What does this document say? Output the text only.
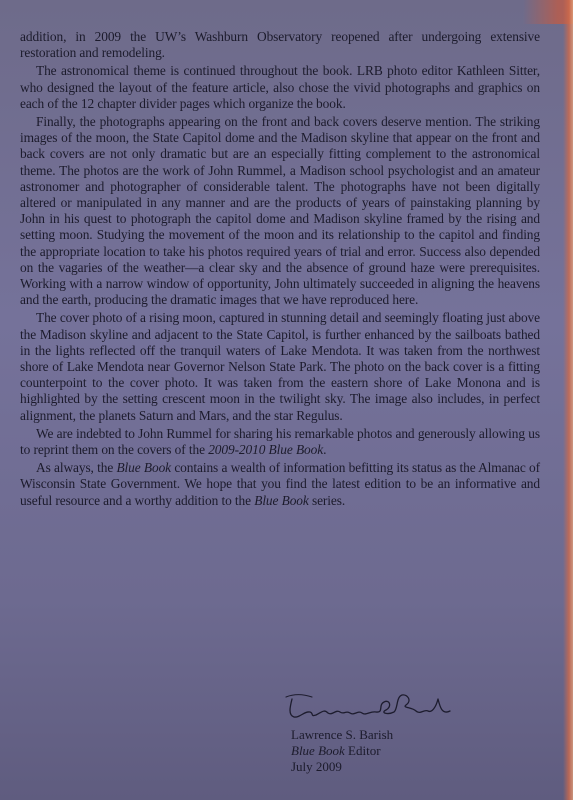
addition, in 2009 the UW’s Washburn Observatory reopened after undergoing extensive restoration and remodeling.

The astronomical theme is continued throughout the book. LRB photo editor Kathleen Sitter, who designed the layout of the feature article, also chose the vivid photographs and graphics on each of the 12 chapter divider pages which organize the book.

Finally, the photographs appearing on the front and back covers deserve mention. The striking images of the moon, the State Capitol dome and the Madison skyline that appear on the front and back covers are not only dramatic but are an especially fitting complement to the astronomical theme. The photos are the work of John Rummel, a Madison school psychologist and an amateur astronomer and photographer of considerable talent. The photographs have not been digitally altered or manipulated in any manner and are the products of years of painstaking planning by John in his quest to photograph the capitol dome and Madison skyline framed by the rising and setting moon. Studying the movement of the moon and its relationship to the capitol and finding the appropriate location to take his photos required years of trial and error. Success also depended on the vagaries of the weather—a clear sky and the absence of ground haze were prerequisites. Working with a narrow window of opportunity, John ultimately succeeded in aligning the heavens and the earth, producing the dramatic images that we have reproduced here.

The cover photo of a rising moon, captured in stunning detail and seemingly floating just above the Madison skyline and adjacent to the State Capitol, is further enhanced by the sailboats bathed in the lights reflected off the tranquil waters of Lake Mendota. It was taken from the northwest shore of Lake Mendota near Governor Nelson State Park. The photo on the back cover is a fitting counterpoint to the cover photo. It was taken from the eastern shore of Lake Monona and is highlighted by the setting crescent moon in the twilight sky. The image also includes, in perfect alignment, the planets Saturn and Mars, and the star Regulus.

We are indebted to John Rummel for sharing his remarkable photos and generously allowing us to reprint them on the covers of the 2009-2010 Blue Book.

As always, the Blue Book contains a wealth of information befitting its status as the Almanac of Wisconsin State Government. We hope that you find the latest edition to be an informative and useful resource and a worthy addition to the Blue Book series.

Lawrence S. Barish
Blue Book Editor
July 2009
